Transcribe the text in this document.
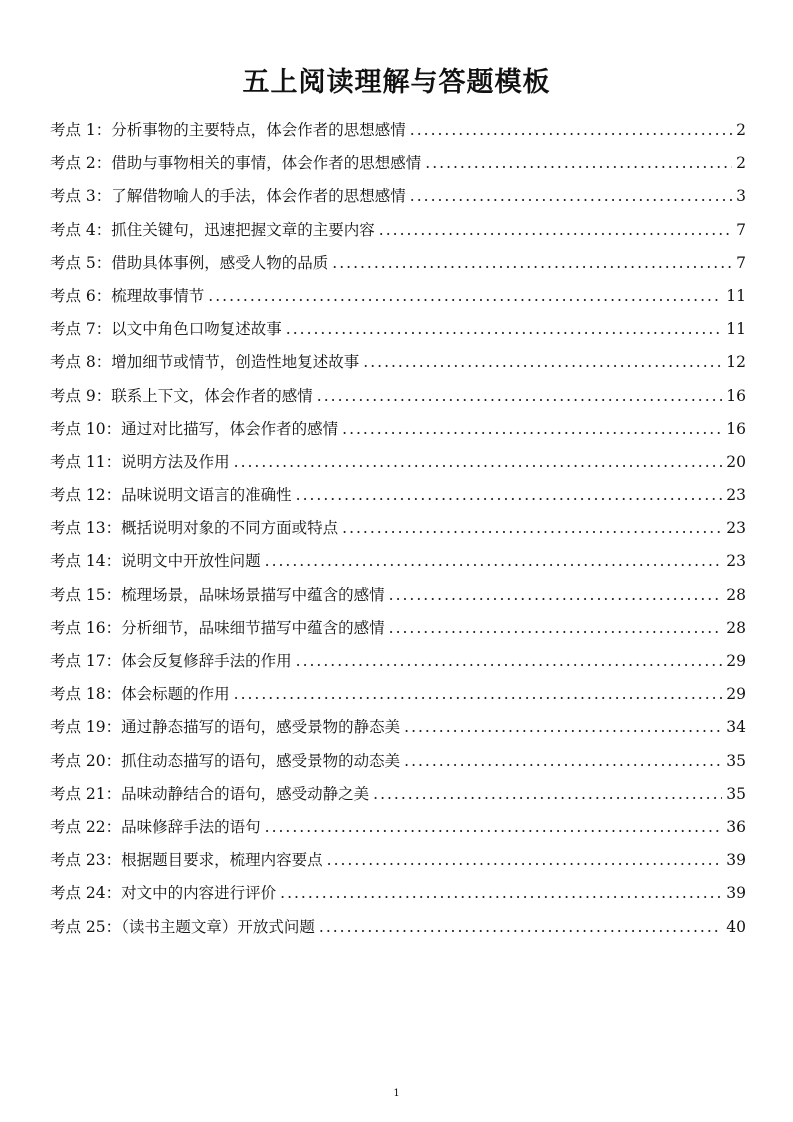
五上阅读理解与答题模板
考点 1：分析事物的主要特点，体会作者的思想感情 .....	2
考点 2：借助与事物相关的事情，体会作者的思想感情 .....	2
考点 3：了解借物喻人的手法，体会作者的思想感情 .....	3
考点 4：抓住关键句，迅速把握文章的主要内容 .....	7
考点 5：借助具体事例，感受人物的品质 .....	7
考点 6：梳理故事情节 .....	11
考点 7：以文中角色口吻复述故事 .....	11
考点 8：增加细节或情节，创造性地复述故事 .....	12
考点 9：联系上下文，体会作者的感情 .....	16
考点 10：通过对比描写，体会作者的感情 .....	16
考点 11：说明方法及作用 .....	20
考点 12：品味说明文语言的准确性 .....	23
考点 13：概括说明对象的不同方面或特点 .....	23
考点 14：说明文中开放性问题 .....	23
考点 15：梳理场景，品味场景描写中蕴含的感情 .....	28
考点 16：分析细节，品味细节描写中蕴含的感情 .....	28
考点 17：体会反复修辞手法的作用 .....	29
考点 18：体会标题的作用 .....	29
考点 19：通过静态描写的语句，感受景物的静态美 .....	34
考点 20：抓住动态描写的语句，感受景物的动态美 .....	35
考点 21：品味动静结合的语句，感受动静之美 .....	35
考点 22：品味修辞手法的语句 .....	36
考点 23：根据题目要求，梳理内容要点 .....	39
考点 24：对文中的内容进行评价 .....	39
考点 25：（读书主题文章）开放式问题 .....	40
1
